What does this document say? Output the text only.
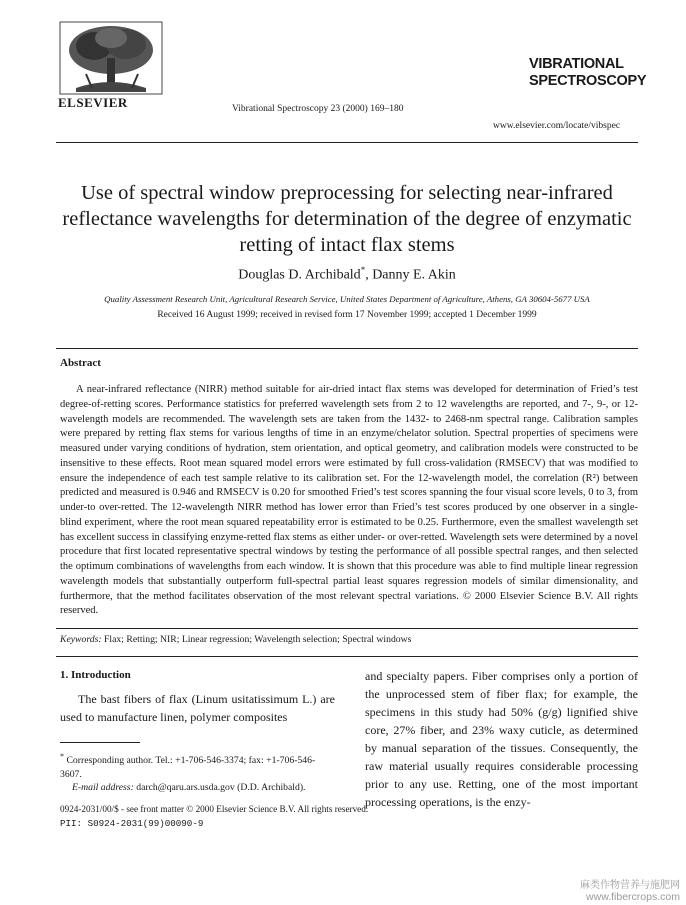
ELSEVIER	Vibrational Spectroscopy 23 (2000) 169–180
VIBRATIONAL
SPECTROSCOPY
www.elsevier.com/locate/vibspec
Use of spectral window preprocessing for selecting near-infrared reflectance wavelengths for determination of the degree of enzymatic retting of intact flax stems
Douglas D. Archibald*, Danny E. Akin
Quality Assessment Research Unit, Agricultural Research Service, United States Department of Agriculture, Athens, GA 30604-5677 USA
Received 16 August 1999; received in revised form 17 November 1999; accepted 1 December 1999
Abstract

A near-infrared reflectance (NIRR) method suitable for air-dried intact flax stems was developed for determination of Fried’s test degree-of-retting scores. Performance statistics for preferred wavelength sets from 2 to 12 wavelengths are reported, and 7-, 9-, or 12-wavelength models are recommended. The wavelength sets are taken from the 1432- to 2468-nm spectral range. Calibration samples were prepared by retting flax stems for various lengths of time in an enzyme/chelator solution. Spectral properties of specimens were measured under varying conditions of hydration, stem orientation, and optical geometry, and calibration models were constructed to be insensitive to these effects. Root mean squared model errors were estimated by full cross-validation (RMSECV) that was modified to ensure the independence of each test sample relative to its calibration set. For the 12-wavelength model, the correlation (R²) between predicted and measured is 0.946 and RMSECV is 0.20 for smoothed Fried’s test scores spanning the four visual score levels, 0 to 3, from under-to over-retted. The 12-wavelength NIRR method has lower error than Fried’s test scores produced by one observer in a single-blind experiment, where the root mean squared repeatability error is estimated to be 0.25. Furthermore, even the smallest wavelength set has excellent success in classifying enzyme-retted flax stems as either under- or over-retted. Wavelength sets were determined by a novel procedure that first located representative spectral windows by testing the performance of all possible spectral ranges, and then selected the optimum combinations of wavelengths from each window. It is shown that this procedure was able to find multiple linear regression wavelength models that substantially outperform full-spectral partial least squares regression models of similar dimensionality, and furthermore, that the method facilitates observation of the most relevant spectral variations. © 2000 Elsevier Science B.V. All rights reserved.

Keywords: Flax; Retting; NIR; Linear regression; Wavelength selection; Spectral windows
1. Introduction

The bast fibers of flax (Linum usitatissimum L.) are used to manufacture linen, polymer composites

* Corresponding author. Tel.: +1-706-546-3374; fax: +1-706-546-3607.

E-mail address: darch@qaru.ars.usda.gov (D.D. Archibald).

and specialty papers. Fiber comprises only a portion of the unprocessed stem of fiber flax; for example, the specimens in this study had 50% (g/g) lignified shive core, 27% fiber, and 23% waxy cuticle, as determined by manual separation of the tissues. Consequently, the raw material usually requires considerable processing prior to any use. Retting, one of the most important processing operations, is the enzy-

0924-2031/00/$ - see front matter © 2000 Elsevier Science B.V. All rights reserved.
PII: S0924-2031(99)00090-9
麻类作物营养与施肥网
www.fibercrops.com
